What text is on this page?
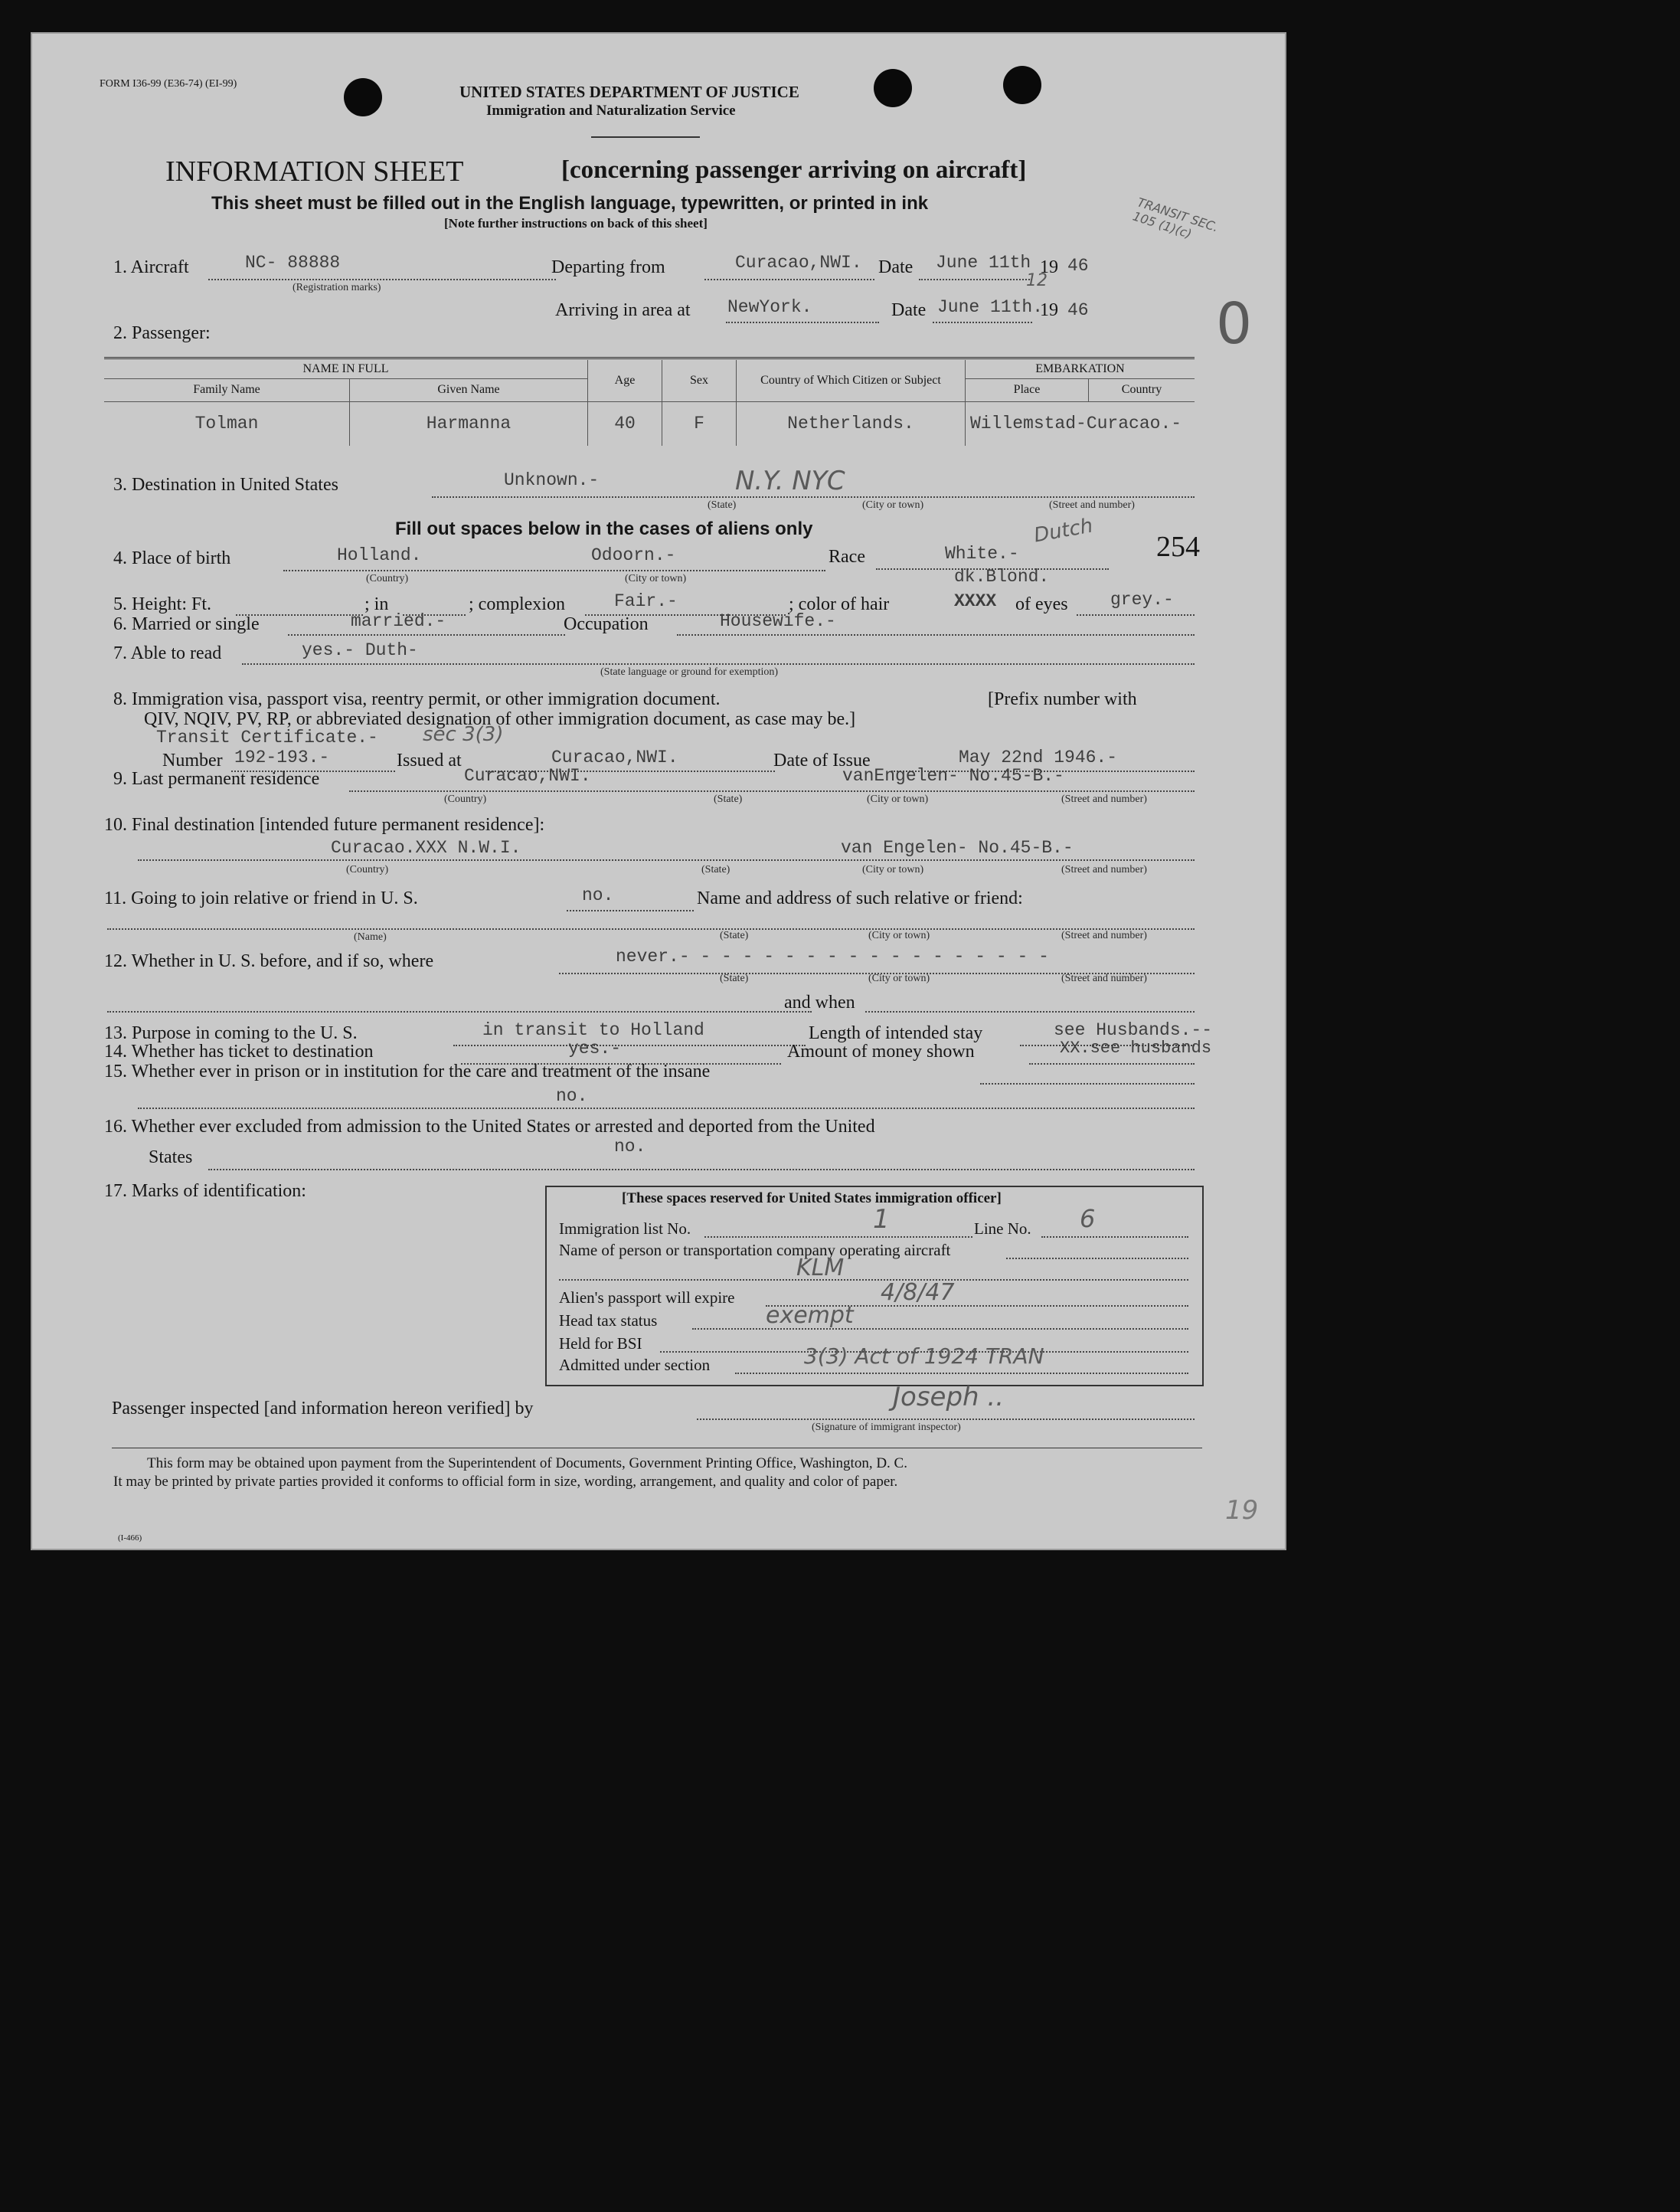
FORM I36-99 (E36-74) (EI-99)	UNITED STATES DEPARTMENT OF JUSTICE
Immigration and Naturalization Service
INFORMATION SHEET	[concerning passenger arriving on aircraft]
This sheet must be filled out in the English language, typewritten, or printed in ink
[Note further instructions on back of this sheet]	TRANSIT SEC. 105 (1)(c)
1. Aircraft	NC- 88888
(Registration marks)
Departing from	Curacao,NWI. Date June 11th 19 46
Arriving in area at NewYork.	Date June 11th.
12
19 46 0
2. Passenger:
NAME IN FULL		Age	Sex	Country of Which Citizen or Subject	EMBARKATION	
Family Name	Given Name				Place	Country
Tolman	Harmanna	40	F	Netherlands.	Willemstad-Curacao.-	
3. Destination in United States	Unknown.-	N.Y. NYC
(State)	(City or town)	(Street and number)
Fill out spaces below in the cases of aliens only
254
4. Place of birth	Holland.	Odoorn.-
(Country)	(City or town)
Race	White.-
Dutch
dk.Blond.
5. Height: Ft.	; in	; complexion	Fair.-	; color of hair	XXXX of eyes grey.-
6. Married or single	married.-	Occupation	Housewife.-
7. Able to read	yes.- Duth-
(State language or ground for exemption)
8. Immigration visa, passport visa, reentry permit, or other immigration document.	[Prefix number with
QIV, NQIV, PV, RP, or abbreviated designation of other immigration document, as case may be.]
Transit Certificate.- sec 3(3)
Number 192-193.-	Issued at	Curacao,NWI.	Date of Issue	May 22nd 1946.-
9. Last permanent residence	Curacao,NWI.	vanEngelen- No.45-B.-
(Country)	(State)	(City or town)	(Street and number)
10. Final destination [intended future permanent residence]:
Curacao.XXX N.W.I.	van Engelen- No.45-B.-
(Country)	(State)	(City or town)	(Street and number)
11. Going to join relative or friend in U. S.	no.	Name and address of such relative or friend:
(Name)	(State)	(City or town)	(Street and number)
12. Whether in U. S. before, and if so, where	never.- - - - - - - - - - - - - - - - - -
(State)	(City or town)	(Street and number)
and when
13. Purpose in coming to the U. S.	in transit to Holland	Length of intended stay	see Husbands.--
14. Whether has ticket to destination	yes.-	Amount of money shown	XX.see husbands
15. Whether ever in prison or in institution for the care and treatment of the insane
no.
16. Whether ever excluded from admission to the United States or arrested and deported from the United
States
no.
17. Marks of identification:	[These spaces reserved for United States immigration officer]
Immigration list No.	1	Line No. 6
Name of person or transportation company operating aircraft
KLM
Alien's passport will expire	4/8/47
Head tax status	exempt
Held for BSI
Admitted under section	3(3) Act of 1924 TRAN
Passenger inspected [and information hereon verified] by	Joseph ..
(Signature of immigrant inspector)
This form may be obtained upon payment from the Superintendent of Documents, Government Printing Office, Washington, D. C.
It may be printed by private parties provided it conforms to official form in size, wording, arrangement, and quality and color of paper.
(I-466)
19
